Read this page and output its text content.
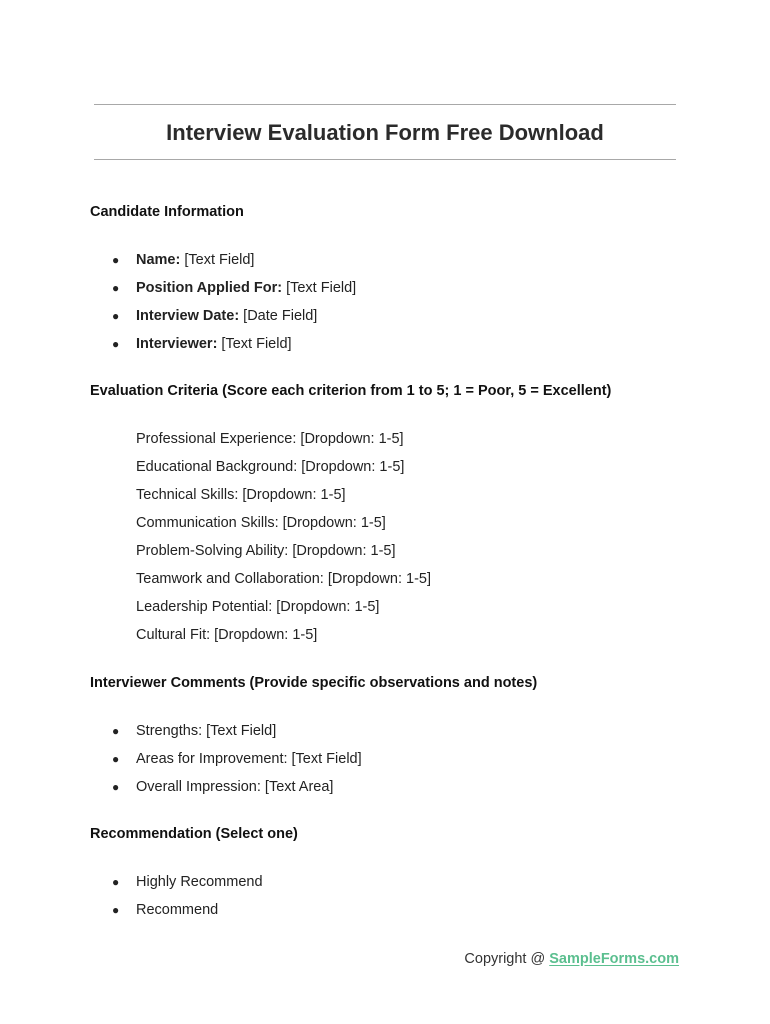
Interview Evaluation Form Free Download
Candidate Information
● Name: [Text Field]
● Position Applied For: [Text Field]
● Interview Date: [Date Field]
● Interviewer: [Text Field]
Evaluation Criteria (Score each criterion from 1 to 5; 1 = Poor, 5 = Excellent)
Professional Experience: [Dropdown: 1-5]
Educational Background: [Dropdown: 1-5]
Technical Skills: [Dropdown: 1-5]
Communication Skills: [Dropdown: 1-5]
Problem-Solving Ability: [Dropdown: 1-5]
Teamwork and Collaboration: [Dropdown: 1-5]
Leadership Potential: [Dropdown: 1-5]
Cultural Fit: [Dropdown: 1-5]
Interviewer Comments (Provide specific observations and notes)
● Strengths: [Text Field]
● Areas for Improvement: [Text Field]
● Overall Impression: [Text Area]
Recommendation (Select one)
● Highly Recommend
● Recommend
Copyright @ SampleForms.com
